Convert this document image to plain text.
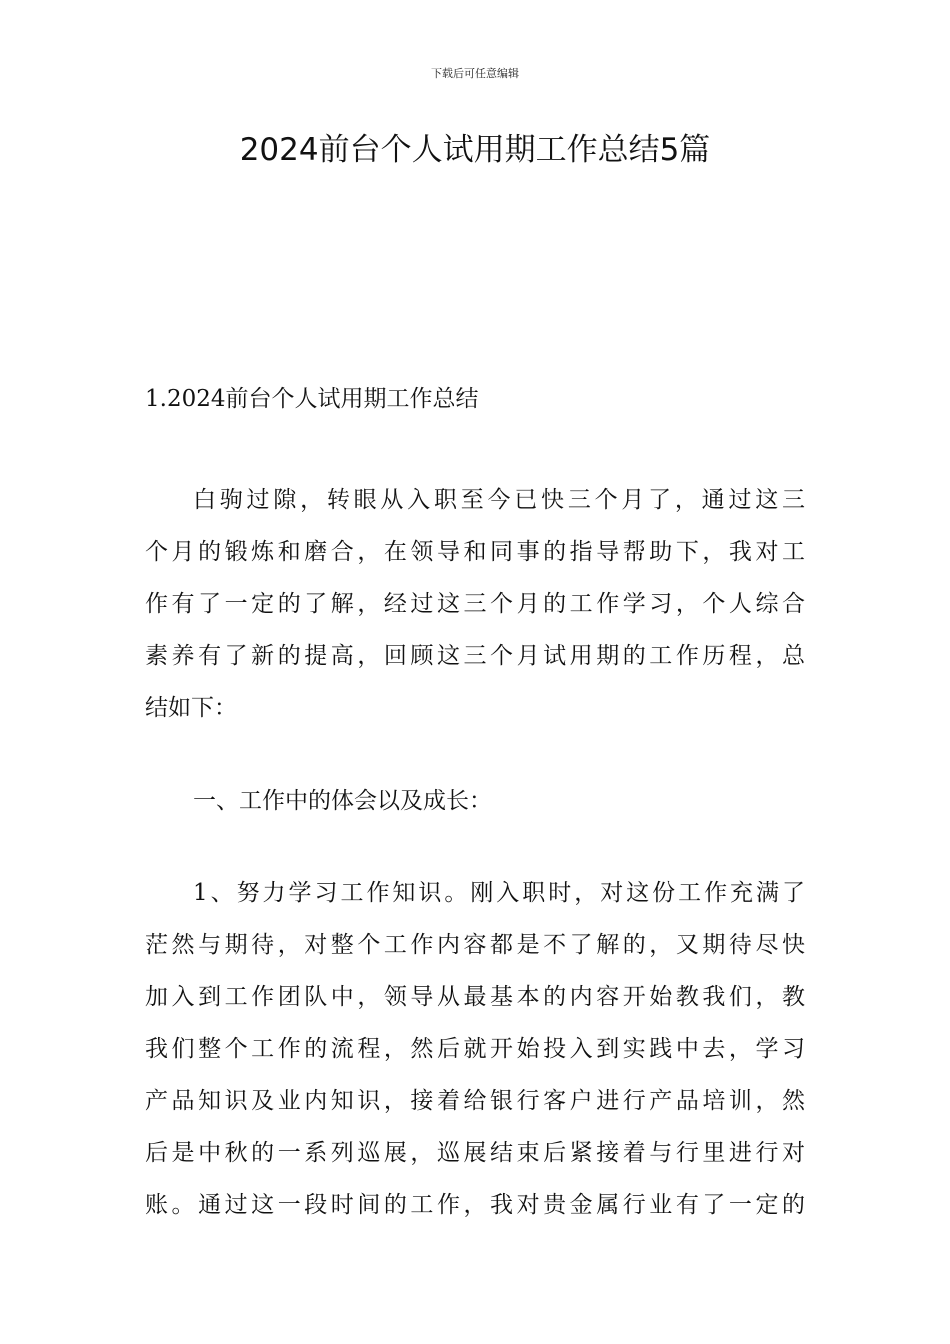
下载后可任意编辑
2024前台个人试用期工作总结5篇
1.2024前台个人试用期工作总结
白驹过隙，转眼从入职至今已快三个月了，通过这三
个月的锻炼和磨合，在领导和同事的指导帮助下，我对工
作有了一定的了解，经过这三个月的工作学习，个人综合
素养有了新的提高，回顾这三个月试用期的工作历程，总
结如下：
一、工作中的体会以及成长：
1、努力学习工作知识。刚入职时，对这份工作充满了
茫然与期待，对整个工作内容都是不了解的，又期待尽快
加入到工作团队中，领导从最基本的内容开始教我们，教
我们整个工作的流程，然后就开始投入到实践中去，学习
产品知识及业内知识，接着给银行客户进行产品培训，然
后是中秋的一系列巡展，巡展结束后紧接着与行里进行对
账。通过这一段时间的工作，我对贵金属行业有了一定的
